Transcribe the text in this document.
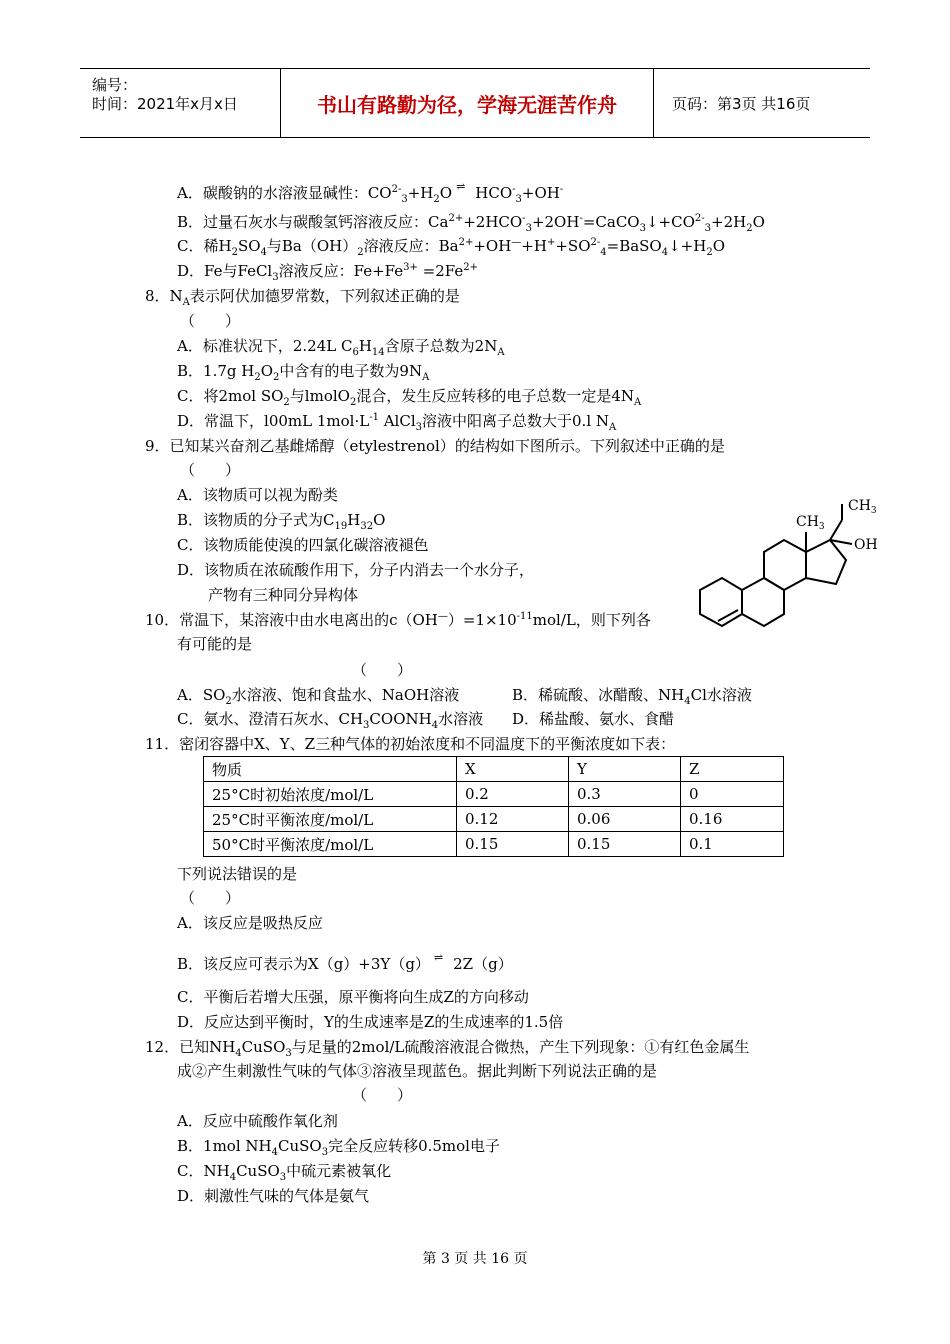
编号：
时间：2021年x月x日	书山有路勤为径，学海无涯苦作舟	页码：第3页 共16页
A．碳酸钠的水溶液显碱性：$CO^{2-}_3+H_2O$ ⇌ $HCO^-_3+OH^-$
B．过量石灰水与碳酸氢钙溶液反应：$Ca^{2+}+2HCO^-_3+2OH^-=CaCO_3↓+CO^{2-}_3+2H_2O$
C．稀$H_2SO_4$与$Ba(OH)_2$溶液反应：$Ba^{2+}+OH^—+H^++SO^{2-}_4=BaSO_4↓+H_2O$
D．Fe与FeCl$_3$溶液反应：$Fe+Fe^{3+} =2Fe^{2+}$
8．$N_A$表示阿伏加德罗常数，下列叙述正确的是
（　　）
A．标准状况下，2.24L $C_6H_{14}$含原子总数为$2N_A$
B．1.7g $H_2O_2$中含有的电子数为$9N_A$
C．将2mol $SO_2$与lmolO$_2$混合，发生反应转移的电子总数一定是$4N_A$
D．常温下，l00mL $1mol\cdot L^{-1}$ AlCl$_3$溶液中阳离子总数大于0.l $N_A$
9．已知某兴奋剂乙基雌烯醇（etylestrenol）的结构如下图所示。下列叙述中正确的是
（　　）
A．该物质可以视为酚类
B．该物质的分子式为$C_{19}H_{32}O$
C．该物质能使溴的四氯化碳溶液褪色
D．该物质在浓硫酸作用下，分子内消去一个水分子，
产物有三种同分异构体
$CH_3$
$CH_3$
OH
10．常温下，某溶液中由水电离出的$c(OH^—)=1\times 10^{-11}mol/L$，则下列各
有可能的是
（　　）
A．$SO_2$水溶液、饱和食盐水、NaOH溶液	B．稀硫酸、冰醋酸、$NH_4Cl$水溶液
C．氨水、澄清石灰水、$CH_3COONH_4$水溶液 D．稀盐酸、氨水、食醋
11．密闭容器中X、Y、Z三种气体的初始浓度和不同温度下的平衡浓度如下表：
物质	X	Y	Z
25°C时初始浓度/mol/L	0.2	0.3	0
25°C时平衡浓度/mol/L	0.12	0.06	0.16
50°C时平衡浓度/mol/L	0.15	0.15	0.1
下列说法错误的是
（　　）
A．该反应是吸热反应
B．该反应可表示为X（g）+3Y（g） ⇌ 2Z（g）
C．平衡后若增大压强，原平衡将向生成Z的方向移动
D．反应达到平衡时，Y的生成速率是Z的生成速率的1.5倍
12．已知$NH_4CuSO_3$与足量的2mol/L硫酸溶液混合微热，产生下列现象：①有红色金属生
成②产生刺激性气味的气体③溶液呈现蓝色。据此判断下列说法正确的是
（　　）
A．反应中硫酸作氧化剂
B．1mol $NH_4CuSO_3$完全反应转移0.5mol电子
C．$NH_4CuSO_3$中硫元素被氧化
D．刺激性气味的气体是氨气
第 3 页 共 16 页
